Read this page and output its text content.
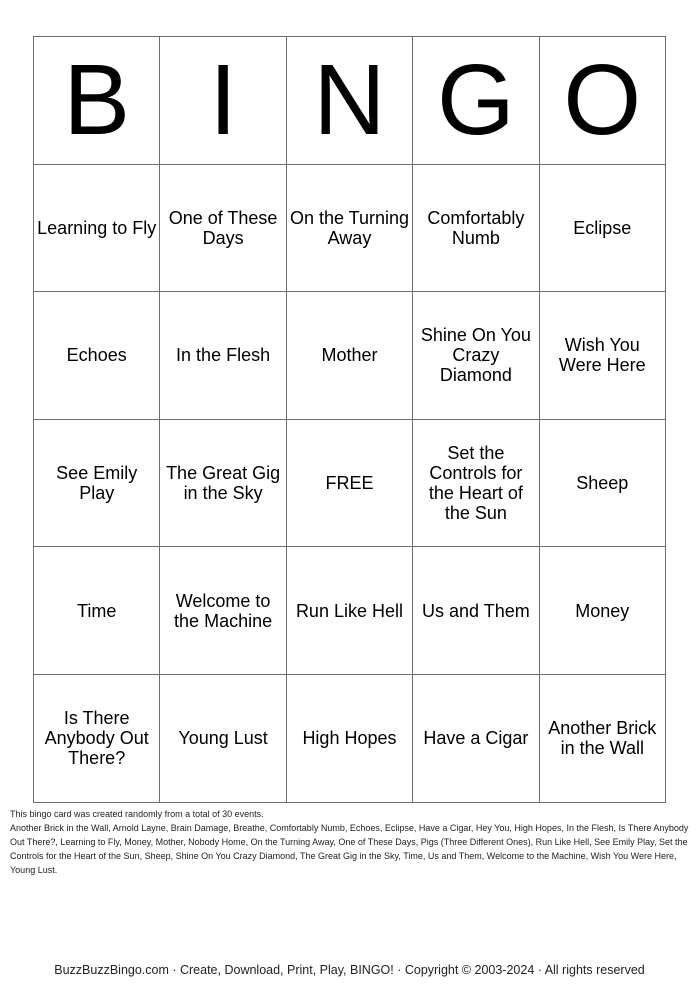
B	I	N	G	O
Learning to Fly	One of These Days	On the Turning Away	Comfortably Numb	Eclipse
Echoes	In the Flesh	Mother	Shine On You Crazy Diamond	Wish You Were Here
See Emily Play	The Great Gig in the Sky	FREE	Set the Controls for the Heart of the Sun	Sheep
Time	Welcome to the Machine	Run Like Hell	Us and Them	Money
Is There Anybody Out There?	Young Lust	High Hopes	Have a Cigar	Another Brick in the Wall
This bingo card was created randomly from a total of 30 events.
Another Brick in the Wall, Arnold Layne, Brain Damage, Breathe, Comfortably Numb, Echoes, Eclipse, Have a Cigar, Hey You, High Hopes, In the Flesh, Is There Anybody Out There?, Learning to Fly, Money, Mother, Nobody Home, On the Turning Away, One of These Days, Pigs (Three Different Ones), Run Like Hell, See Emily Play, Set the Controls for the Heart of the Sun, Sheep, Shine On You Crazy Diamond, The Great Gig in the Sky, Time, Us and Them, Welcome to the Machine, Wish You Were Here, Young Lust.
BuzzBuzzBingo.com · Create, Download, Print, Play, BINGO! · Copyright © 2003-2024 · All rights reserved
